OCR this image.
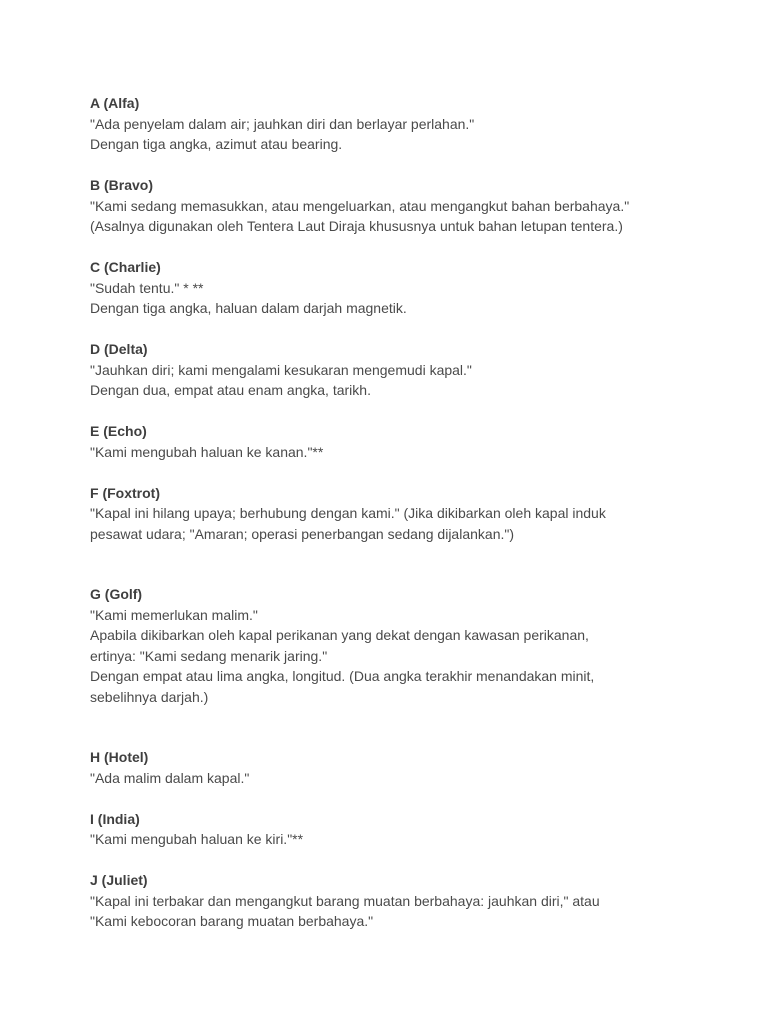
A (Alfa)

"Ada penyelam dalam air; jauhkan diri dan berlayar perlahan."

Dengan tiga angka, azimut atau bearing.

B (Bravo)

"Kami sedang memasukkan, atau mengeluarkan, atau mengangkut bahan berbahaya."

(Asalnya digunakan oleh Tentera Laut Diraja khususnya untuk bahan letupan tentera.)

C (Charlie)

"Sudah tentu." * **

Dengan tiga angka, haluan dalam darjah magnetik.

D (Delta)

"Jauhkan diri; kami mengalami kesukaran mengemudi kapal."

Dengan dua, empat atau enam angka, tarikh.

E (Echo)

"Kami mengubah haluan ke kanan."**

F (Foxtrot)

"Kapal ini hilang upaya; berhubung dengan kami." (Jika dikibarkan oleh kapal induk

pesawat udara; "Amaran; operasi penerbangan sedang dijalankan.")

G (Golf)

"Kami memerlukan malim."

Apabila dikibarkan oleh kapal perikanan yang dekat dengan kawasan perikanan,

ertinya: "Kami sedang menarik jaring."

Dengan empat atau lima angka, longitud. (Dua angka terakhir menandakan minit,

sebelihnya darjah.)

H (Hotel)

"Ada malim dalam kapal."

I (India)

"Kami mengubah haluan ke kiri."**

J (Juliet)

"Kapal ini terbakar dan mengangkut barang muatan berbahaya: jauhkan diri," atau

"Kami kebocoran barang muatan berbahaya."
